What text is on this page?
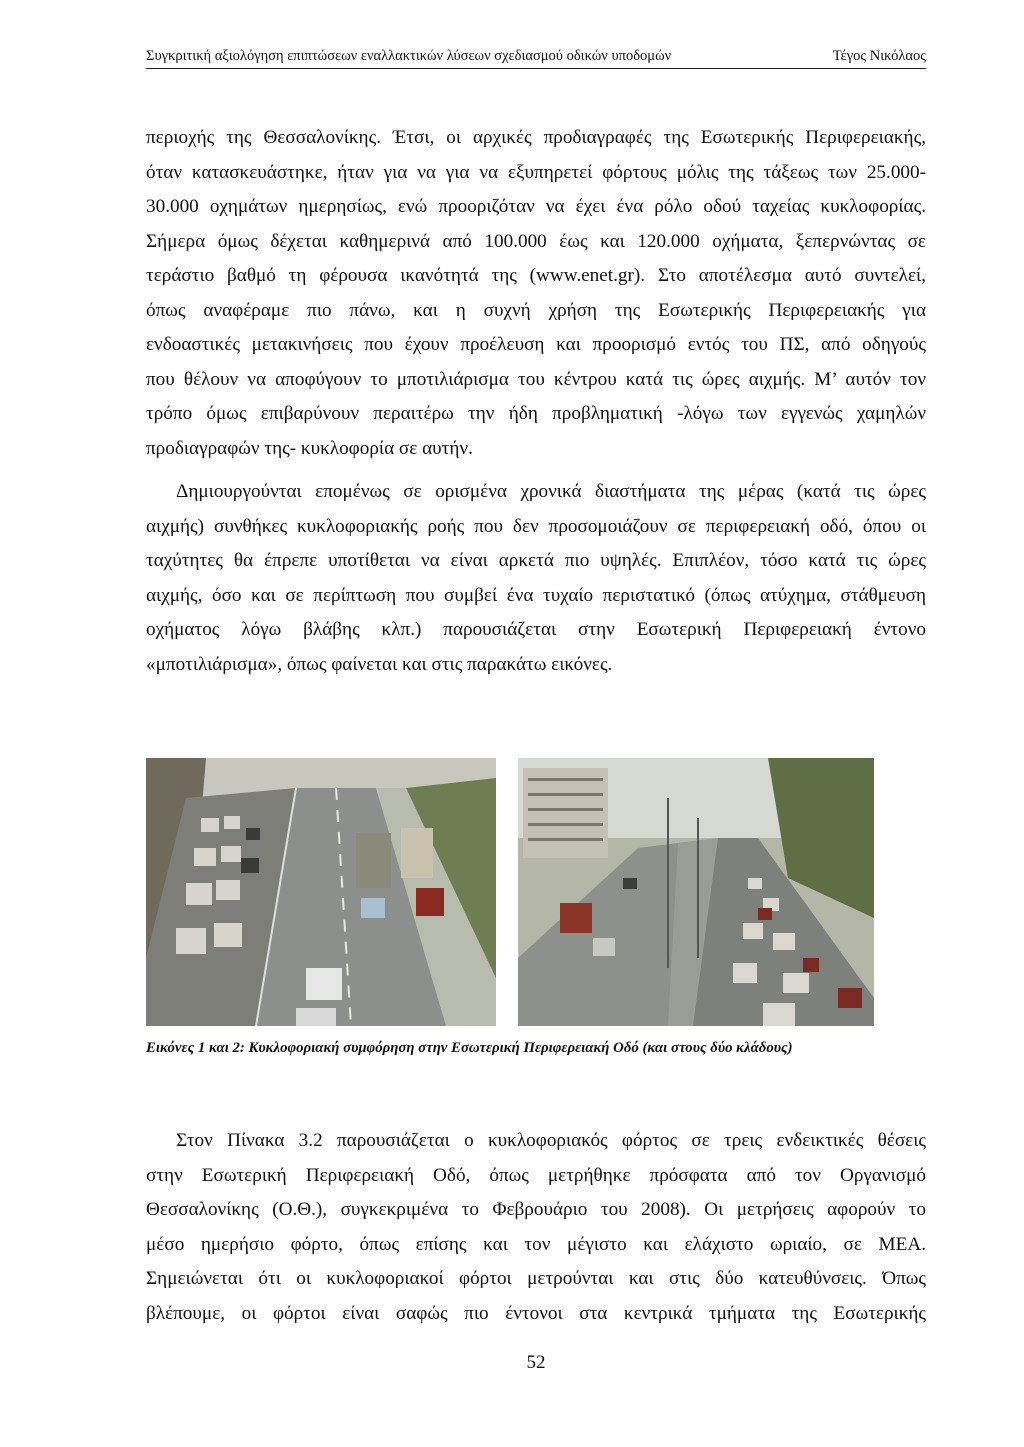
Συγκριτική αξιολόγηση επιπτώσεων εναλλακτικών λύσεων σχεδιασμού οδικών υποδομών	Τέγος Νικόλαος
περιοχής της Θεσσαλονίκης. Έτσι, οι αρχικές προδιαγραφές της Εσωτερικής Περιφερειακής,
όταν κατασκευάστηκε, ήταν για να για να εξυπηρετεί φόρτους μόλις της τάξεως των 25.000-
30.000 οχημάτων ημερησίως, ενώ προοριζόταν να έχει ένα ρόλο οδού ταχείας κυκλοφορίας.
Σήμερα όμως δέχεται καθημερινά από 100.000 έως και 120.000 οχήματα, ξεπερνώντας σε
τεράστιο βαθμό τη φέρουσα ικανότητά της (www.enet.gr). Στο αποτέλεσμα αυτό συντελεί,
όπως αναφέραμε πιο πάνω, και η συχνή χρήση της Εσωτερικής Περιφερειακής για
ενδοαστικές μετακινήσεις που έχουν προέλευση και προορισμό εντός του ΠΣ, από οδηγούς
που θέλουν να αποφύγουν το μποτιλιάρισμα του κέντρου κατά τις ώρες αιχμής. Μ’ αυτόν τον
τρόπο όμως επιβαρύνουν περαιτέρω την ήδη προβληματική -λόγω των εγγενώς χαμηλών
προδιαγραφών της- κυκλοφορία σε αυτήν.
Δημιουργούνται επομένως σε ορισμένα χρονικά διαστήματα της μέρας (κατά τις ώρες
αιχμής) συνθήκες κυκλοφοριακής ροής που δεν προσομοιάζουν σε περιφερειακή οδό, όπου οι
ταχύτητες θα έπρεπε υποτίθεται να είναι αρκετά πιο υψηλές. Επιπλέον, τόσο κατά τις ώρες
αιχμής, όσο και σε περίπτωση που συμβεί ένα τυχαίο περιστατικό (όπως ατύχημα, στάθμευση
οχήματος λόγω βλάβης κλπ.) παρουσιάζεται στην Εσωτερική Περιφερειακή έντονο
«μποτιλιάρισμα», όπως φαίνεται και στις παρακάτω εικόνες.
Εικόνες 1 και 2: Κυκλοφοριακή συμφόρηση στην Εσωτερική Περιφερειακή Οδό (και στους δύο κλάδους)
Στον Πίνακα 3.2 παρουσιάζεται ο κυκλοφοριακός φόρτος σε τρεις ενδεικτικές θέσεις
στην Εσωτερική Περιφερειακή Οδό, όπως μετρήθηκε πρόσφατα από τον Οργανισμό
Θεσσαλονίκης (Ο.Θ.), συγκεκριμένα το Φεβρουάριο του 2008). Οι μετρήσεις αφορούν το
μέσο ημερήσιο φόρτο, όπως επίσης και τον μέγιστο και ελάχιστο ωριαίο, σε ΜΕΑ.
Σημειώνεται ότι οι κυκλοφοριακοί φόρτοι μετρούνται και στις δύο κατευθύνσεις. Όπως
βλέπουμε, οι φόρτοι είναι σαφώς πιο έντονοι στα κεντρικά τμήματα της Εσωτερικής
52
